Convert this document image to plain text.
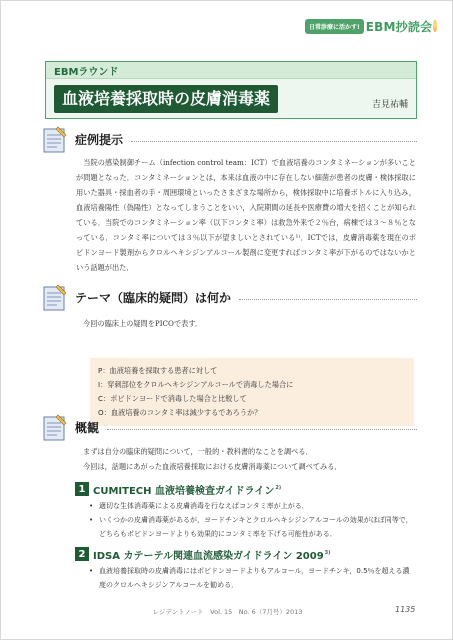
日常診療に活かす! EBM抄読会
EBMラウンド
血液培養採取時の皮膚消毒薬	吉見祐輔
症例提示

当院の感染制御チーム（infection control team：ICT）で血液培養のコンタミネーションが多いことが問題となった．コンタミネーションとは，本来は血液の中に存在しない細菌が患者の皮膚・検体採取に用いた器具・採血者の手・周囲環境といったさまざまな場所から，検体採取中に培養ボトルに入り込み，血液培養陽性（偽陽性）となってしまうことをいい，入院期間の延長や医療費の増大を招くことが知られている．当院でのコンタミネーション率（以下コンタミ率）は救急外来で２％台，病棟では３～８％となっている．コンタミ率については３％以下が望ましいとされている¹⁾．ICTでは，皮膚消毒薬を現在のポビドンヨード製剤からクロルヘキシジンアルコール製剤に変更すればコンタミ率が下がるのではないかという話題が出た．

テーマ（臨床的疑問）は何か
今回の臨床上の疑問をPICOで表す．
P：血液培養を採取する患者に対して
I：穿刺部位をクロルヘキシジンアルコールで消毒した場合に
C：ポビドンヨードで消毒した場合と比較して
O：血液培養のコンタミ率は減少するであろうか？
概観
まずは自分の臨床的疑問について，一般的・教科書的なことを調べる．
今回は，話題にあがった血液培養採取における皮膚消毒薬について調べてみる．
1 CUMITECH 血液培養検査ガイドライン$^{2)}$
• 適切な生体消毒薬による皮膚消毒を行なえばコンタミ率が上がる．
• いくつかの皮膚消毒薬があるが，ヨードチンキとクロルヘキシジンアルコールの効果がほぼ同等で，どちらもポビドンヨードよりも効果的にコンタミ率を下げる可能性がある．
2 IDSA カテーテル関連血流感染ガイドライン 2009$^{3)}$
• 血液培養採取時の皮膚消毒にはポビドンヨードよりもアルコール，ヨードチンキ，0.5％を超える濃度のクロルヘキシジンアルコールを勧める．
レジデントノート　Vol. 15　No. 6（7月号）2013	1135
